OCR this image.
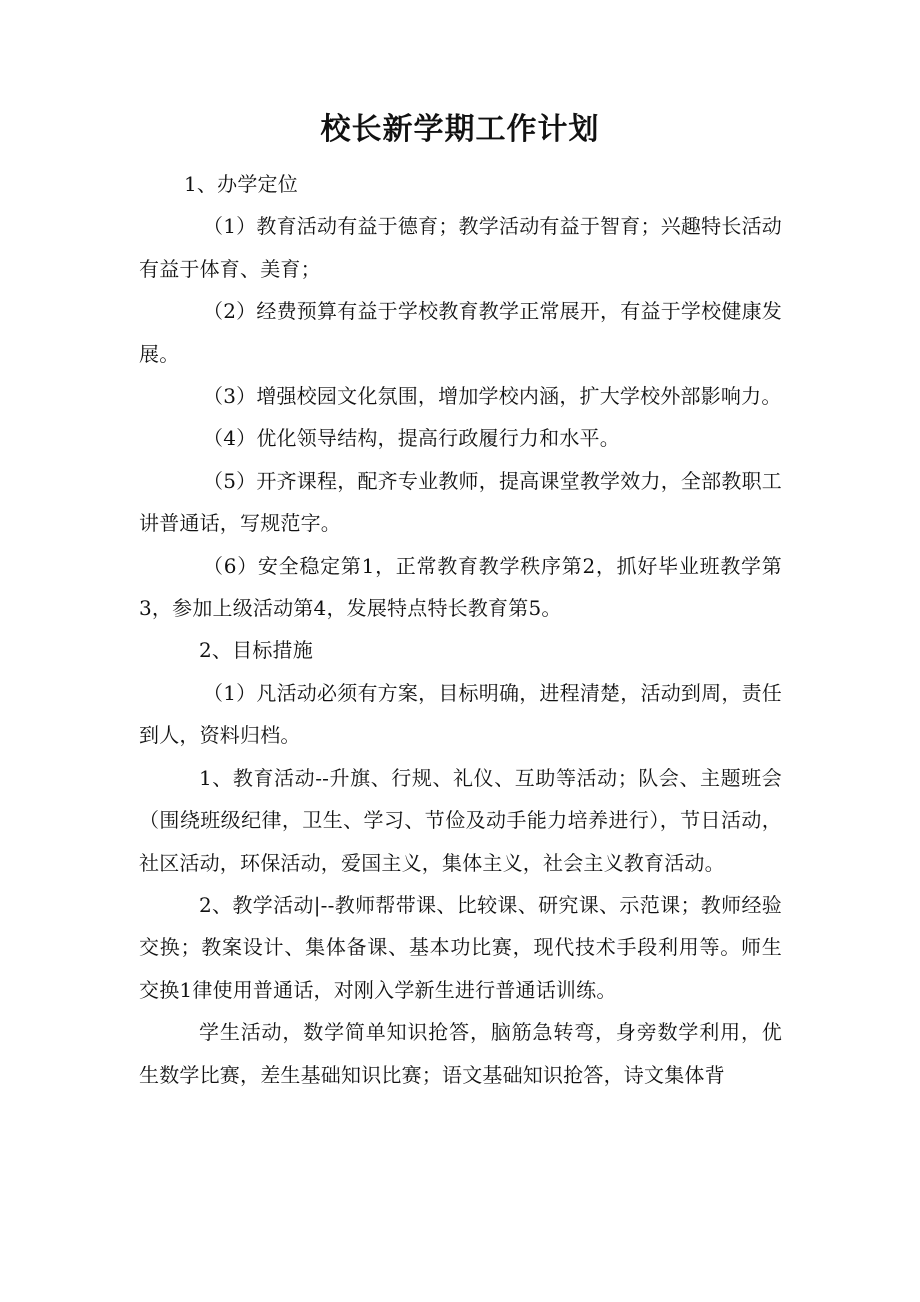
校长新学期工作计划

1、办学定位

（1）教育活动有益于德育；教学活动有益于智育；兴趣特长活动有益于体育、美育；

（2）经费预算有益于学校教育教学正常展开，有益于学校健康发展。

（3）增强校园文化氛围，增加学校内涵，扩大学校外部影响力。

（4）优化领导结构，提高行政履行力和水平。

（5）开齐课程，配齐专业教师，提高课堂教学效力，全部教职工讲普通话，写规范字。

（6）安全稳定第1，正常教育教学秩序第2，抓好毕业班教学第3，参加上级活动第4，发展特点特长教育第5。

2、目标措施

（1）凡活动必须有方案，目标明确，进程清楚，活动到周，责任到人，资料归档。

1、教育活动--升旗、行规、礼仪、互助等活动；队会、主题班会（围绕班级纪律，卫生、学习、节俭及动手能力培养进行），节日活动，社区活动，环保活动，爱国主义，集体主义，社会主义教育活动。

2、教学活动|--教师帮带课、比较课、研究课、示范课；教师经验交换；教案设计、集体备课、基本功比赛，现代技术手段利用等。师生交换1律使用普通话，对刚入学新生进行普通话训练。

学生活动，数学简单知识抢答，脑筋急转弯，身旁数学利用，优生数学比赛，差生基础知识比赛；语文基础知识抢答，诗文集体背
